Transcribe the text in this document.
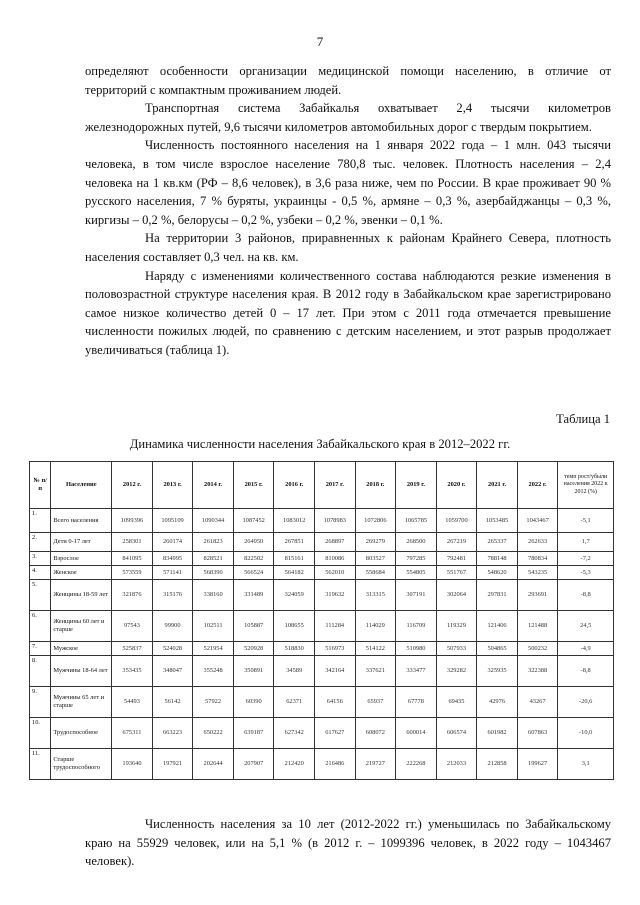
7

определяют особенности организации медицинской помощи населению, в отличие от территорий с компактным проживанием людей.

Транспортная система Забайкалья охватывает 2,4 тысячи километров железнодорожных путей, 9,6 тысячи километров автомобильных дорог с твердым покрытием.

Численность постоянного населения на 1 января 2022 года – 1 млн. 043 тысячи человека, в том числе взрослое население 780,8 тыс. человек. Плотность населения – 2,4 человека на 1 кв.км (РФ – 8,6 человек), в 3,6 раза ниже, чем по России. В крае проживает 90 % русского населения, 7 % буряты, украинцы - 0,5 %, армяне – 0,3 %, азербайджанцы – 0,3 %, киргизы – 0,2 %, белорусы – 0,2 %, узбеки – 0,2 %, эвенки – 0,1 %.

На территории 3 районов, приравненных к районам Крайнего Севера, плотность населения составляет 0,3 чел. на кв. км.

Наряду с изменениями количественного состава наблюдаются резкие изменения в половозрастной структуре населения края. В 2012 году в Забайкальском крае зарегистрировано самое низкое количество детей 0 – 17 лет. При этом с 2011 года отмечается превышение численности пожилых людей, по сравнению с детским населением, и этот разрыв продолжает увеличиваться (таблица 1).

Таблица 1
Динамика численности населения Забайкальского края в 2012–2022 гг.
№ п/ п	Население	2012 г.	2013 г.	2014 г.	2015 г.	2016 г.	2017 г.	2018 г.	2019 г.	2020 г.	2021 г.	2022 г.	темп рост/убыли населения 2022 к 2012 (%)
1.	Всего населения	1099396	1095109	1090344	1087452	1083012	1078983	1072806	1065785	1059700	1053485	1043467	-5,1
2.	Дети 0-17 лет	258301	260174	261823	264950	267851	268897	269279	268500	267219	265337	262633	1,7
3.	Взрослое	841095	834995	828521	822502	815161	810086	803527	797285	792481	788148	780834	-7,2
4.	Женское	573559	571141	568390	566524	564182	562010	558684	554805	551767	548620	543235	-5,3
5.	Женщины 18-59 лет	321876	315176	338160	331489	324059	319632	313315	307191	302064	297831	293691	-8,8
6.	Женщины 60 лет и старше	97543	99900	102511	105887	108655	111284	114029	116709	119329	121406	121488	24,5
7.	Мужское	525837	524028	521954	520928	518830	516973	514122	510980	507933	504865	500232	-4,9
8.	Мужчины 18-64 лет	353435	348047	355248	350891	34589	342164	337621	333477	329282	325935	322388	-8,8
9.	Мужчины 65 лет и старше	54493	56142	57922	60390	62371	64156	65937	67778	69435	42976	43267	-20,6
10.	Трудоспособное	675311	663223	650222	639187	627342	617627	608072	600014	606574	601982	607863	-10,0
11.	Старше трудоспособного	193640	197921	202644	207907	212420	216486	219727	222268	212033	212858	199627	3,1

Численность населения за 10 лет (2012-2022 гг.) уменьшилась по Забайкальскому краю на 55929 человек, или на 5,1 % (в 2012 г. – 1099396 человек, в 2022 году – 1043467 человек).
